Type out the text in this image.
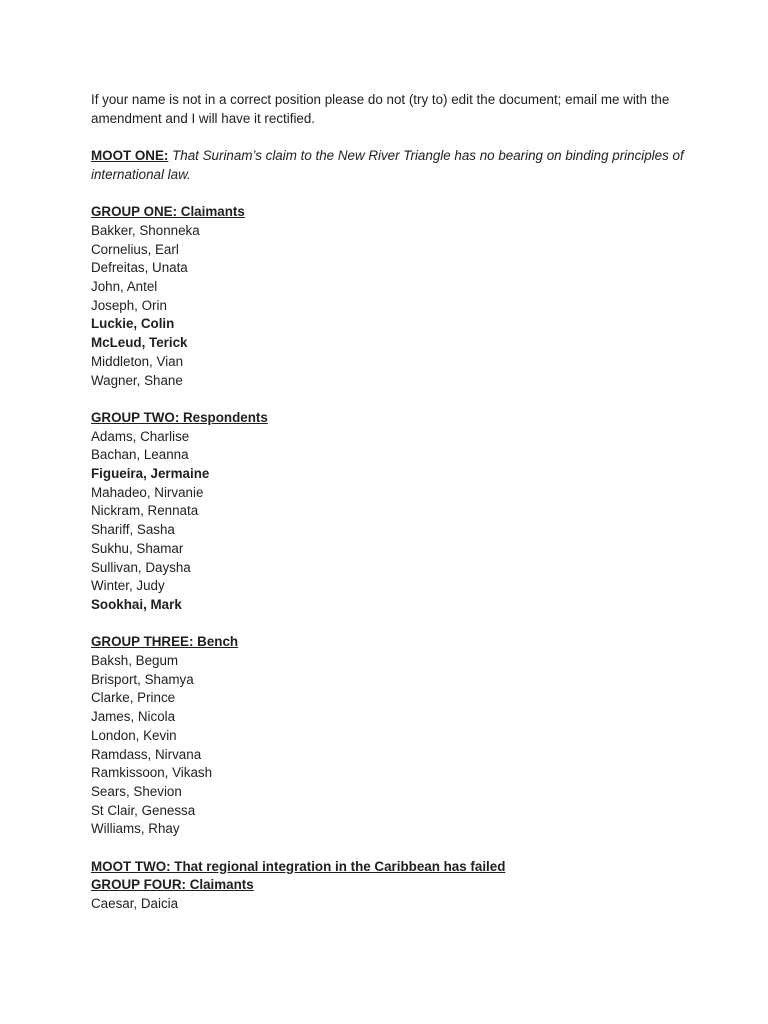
If your name is not in a correct position please do not (try to) edit the document; email me with the amendment and I will have it rectified.

MOOT ONE: That Surinam’s claim to the New River Triangle has no bearing on binding principles of international law.

GROUP ONE: Claimants

Bakker, Shonneka
Cornelius, Earl
Defreitas, Unata
John, Antel
Joseph, Orin
Luckie, Colin
McLeud, Terick
Middleton, Vian
Wagner, Shane

GROUP TWO: Respondents

Adams, Charlise
Bachan, Leanna
Figueira, Jermaine
Mahadeo, Nirvanie
Nickram, Rennata
Shariff, Sasha
Sukhu, Shamar
Sullivan, Daysha
Winter, Judy
Sookhai, Mark

GROUP THREE: Bench

Baksh, Begum
Brisport, Shamya
Clarke, Prince
James, Nicola
London, Kevin
Ramdass, Nirvana
Ramkissoon, Vikash
Sears, Shevion
St Clair, Genessa
Williams, Rhay

MOOT TWO: That regional integration in the Caribbean has failed

GROUP FOUR: Claimants

Caesar, Daicia
